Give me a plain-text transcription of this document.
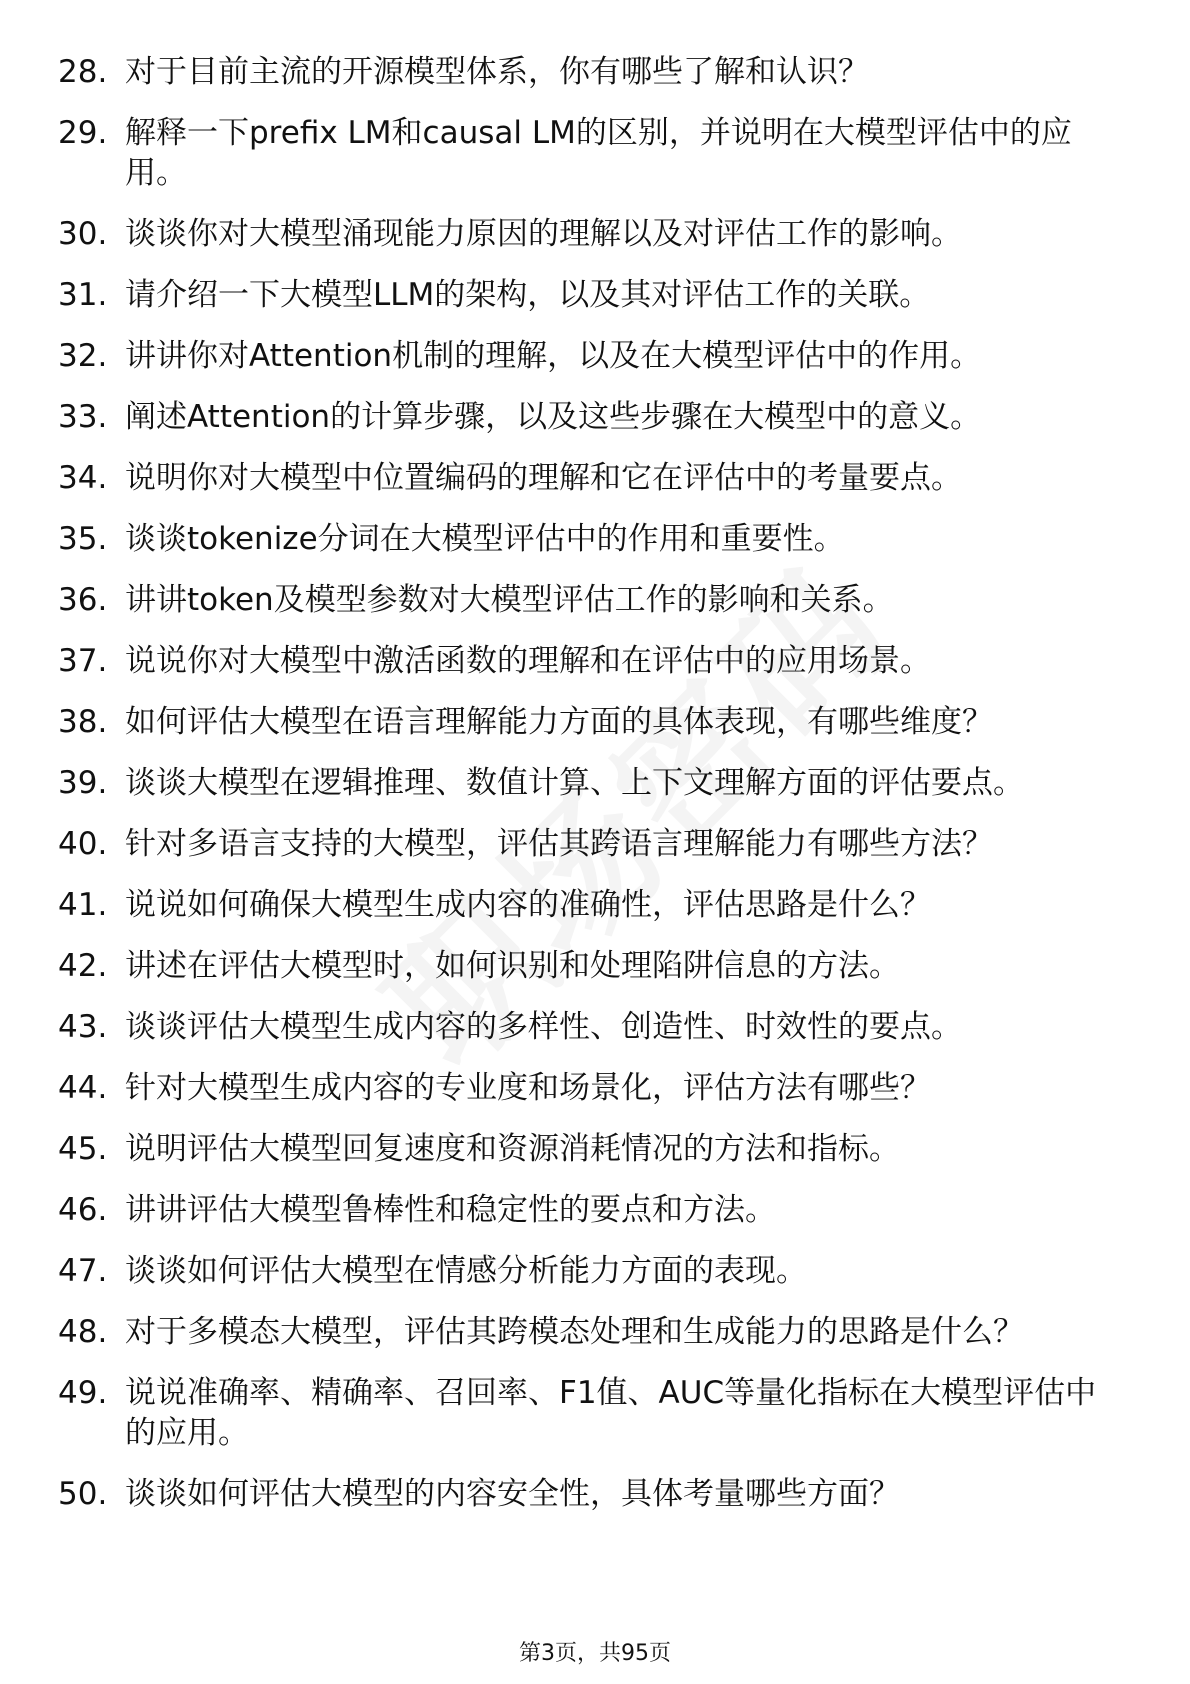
28. 对于目前主流的开源模型体系，你有哪些了解和认识？
29. 解释一下prefix LM和causal LM的区别，并说明在大模型评估中的应用。
30. 谈谈你对大模型涌现能力原因的理解以及对评估工作的影响。
31. 请介绍一下大模型LLM的架构，以及其对评估工作的关联。
32. 讲讲你对Attention机制的理解，以及在大模型评估中的作用。
33. 阐述Attention的计算步骤，以及这些步骤在大模型中的意义。
34. 说明你对大模型中位置编码的理解和它在评估中的考量要点。
35. 谈谈tokenize分词在大模型评估中的作用和重要性。
36. 讲讲token及模型参数对大模型评估工作的影响和关系。
37. 说说你对大模型中激活函数的理解和在评估中的应用场景。
38. 如何评估大模型在语言理解能力方面的具体表现，有哪些维度？
39. 谈谈大模型在逻辑推理、数值计算、上下文理解方面的评估要点。
40. 针对多语言支持的大模型，评估其跨语言理解能力有哪些方法？
41. 说说如何确保大模型生成内容的准确性，评估思路是什么？
42. 讲述在评估大模型时，如何识别和处理陷阱信息的方法。
43. 谈谈评估大模型生成内容的多样性、创造性、时效性的要点。
44. 针对大模型生成内容的专业度和场景化，评估方法有哪些？
45. 说明评估大模型回复速度和资源消耗情况的方法和指标。
46. 讲讲评估大模型鲁棒性和稳定性的要点和方法。
47. 谈谈如何评估大模型在情感分析能力方面的表现。
48. 对于多模态大模型，评估其跨模态处理和生成能力的思路是什么？
49. 说说准确率、精确率、召回率、F1值、AUC等量化指标在大模型评估中的应用。
50. 谈谈如何评估大模型的内容安全性，具体考量哪些方面？
第3页，共95页
